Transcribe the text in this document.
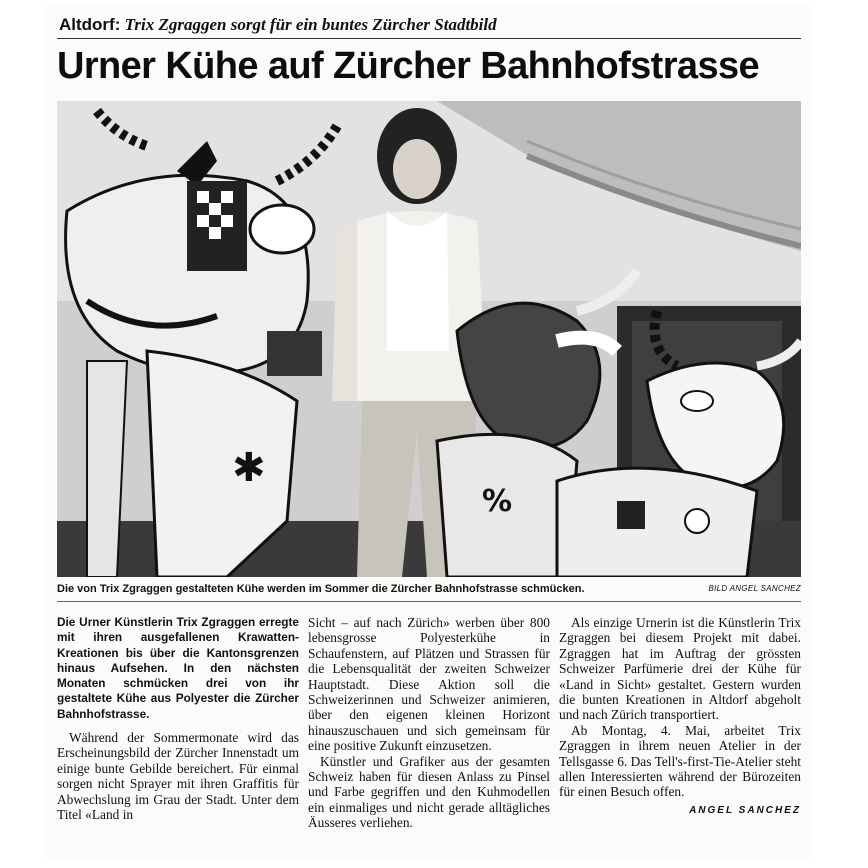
Altdorf: Trix Zgraggen sorgt für ein buntes Zürcher Stadtbild
Urner Kühe auf Zürcher Bahnhofstrasse
✱
%
Die von Trix Zgraggen gestalteten Kühe werden im Sommer die Zürcher Bahnhofstrasse schmücken.	BILD ANGEL SANCHEZ

Die Urner Künstlerin Trix Zgraggen erregte mit ihren ausgefallenen Krawatten-Kreationen bis über die Kantonsgrenzen hinaus Aufsehen. In den nächsten Monaten schmücken drei von ihr gestaltete Kühe aus Polyester die Zürcher Bahnhofstrasse.

Während der Sommermonate wird das Erscheinungsbild der Zürcher Innenstadt um einige bunte Gebilde bereichert. Für einmal sorgen nicht Sprayer mit ihren Graffitis für Abwechslung im Grau der Stadt. Unter dem Titel «Land in

Sicht – auf nach Zürich» werben über 800 lebensgrosse Polyesterkühe in Schaufenstern, auf Plätzen und Strassen für die Lebensqualität der zweiten Schweizer Hauptstadt. Diese Aktion soll die Schweizerinnen und Schweizer animieren, über den eigenen kleinen Horizont hinauszuschauen und sich gemeinsam für eine positive Zukunft einzusetzen.

Künstler und Grafiker aus der gesamten Schweiz haben für diesen Anlass zu Pinsel und Farbe gegriffen und den Kuhmodellen ein einmaliges und nicht gerade alltägliches Äusseres verliehen.

Als einzige Urnerin ist die Künstlerin Trix Zgraggen bei diesem Projekt mit dabei. Zgraggen hat im Auftrag der grössten Schweizer Parfümerie drei der Kühe für «Land in Sicht» gestaltet. Gestern wurden die bunten Kreationen in Altdorf abgeholt und nach Zürich transportiert.

Ab Montag, 4. Mai, arbeitet Trix Zgraggen in ihrem neuen Atelier in der Tellsgasse 6. Das Tell's-first-Tie-Atelier steht allen Interessierten während der Bürozeiten für einen Besuch offen.

ANGEL SANCHEZ
